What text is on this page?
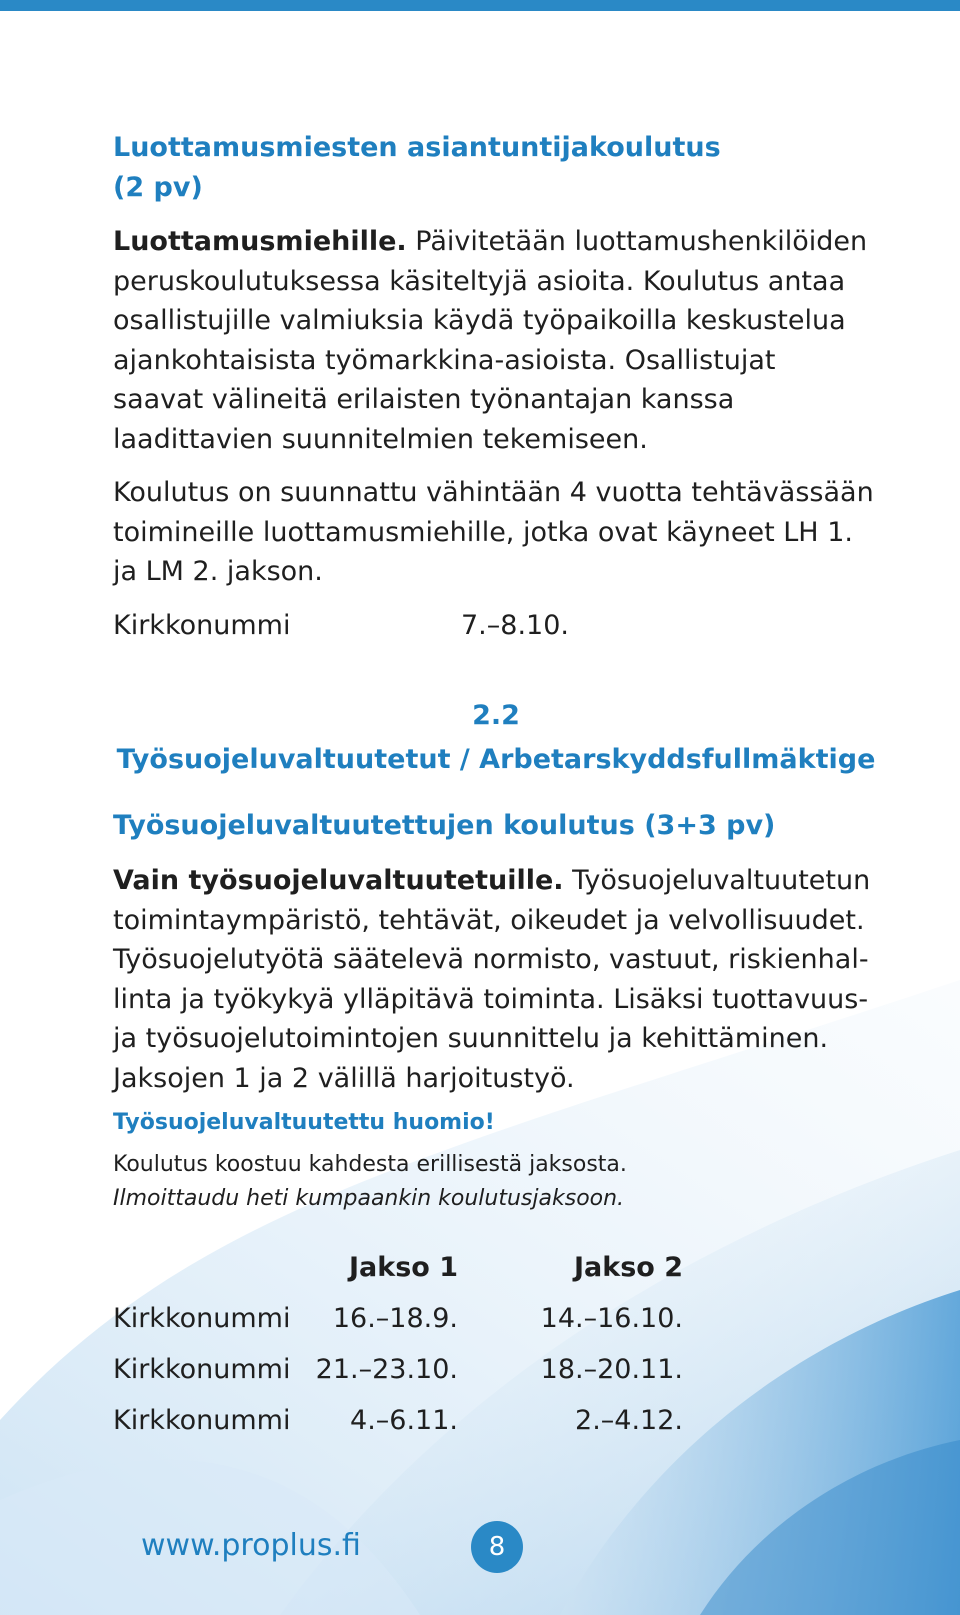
Luottamusmiesten asiantuntijakoulutus
(2 pv)
Luottamusmiehille. Päivitetään luottamushenkilöiden peruskoulutuksessa käsiteltyjä asioita. Koulutus antaa osallistujille valmiuksia käydä työpaikoilla keskustelua ajankohtaisista työmarkkina-asioista. Osallistujat saavat välineitä erilaisten työnantajan kanssa laadittavien suunnitelmien tekemiseen.
Koulutus on suunnattu vähintään 4 vuotta tehtävässään toimineille luottamusmiehille, jotka ovat käyneet LH 1. ja LM 2. jakson.
Kirkkonummi	7.–8.10.
2.2
Työsuojeluvaltuutetut / Arbetarskyddsfullmäktige
Työsuojeluvaltuutettujen koulutus (3+3 pv)
Vain työsuojeluvaltuutetuille. Työsuojeluvaltuutetun toimintaympäristö, tehtävät, oikeudet ja velvollisuudet. Työsuojelutyötä säätelevä normisto, vastuut, riskienhallinta ja työkykyä ylläpitävä toiminta. Lisäksi tuottavuus- ja työsuojelutoimintojen suunnittelu ja kehittäminen. Jaksojen 1 ja 2 välillä harjoitustyö.
Työsuojeluvaltuutettu huomio!
Koulutus koostuu kahdesta erillisestä jaksosta.
Ilmoittaudu heti kumpaankin koulutusjaksoon.
Jakso 1	Jakso 2
Kirkkonummi 16.–18.9.	14.–16.10.
Kirkkonummi 21.–23.10.	18.–20.11.
Kirkkonummi 4.–6.11.	2.–4.12.
www.proplus.fi	8
